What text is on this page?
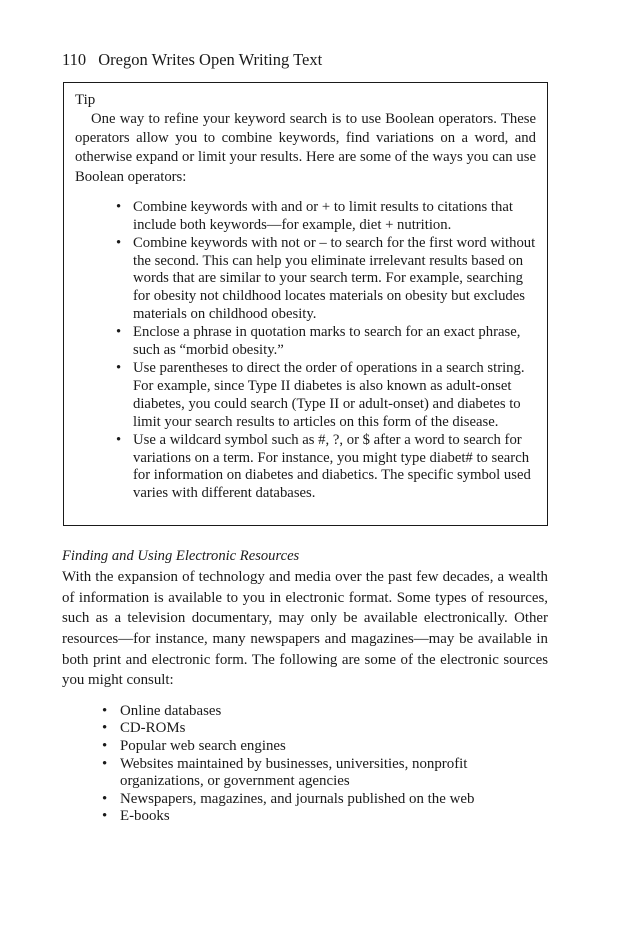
110 Oregon Writes Open Writing Text
Tip

One way to refine your keyword search is to use Boolean operators. These operators allow you to combine keywords, find variations on a word, and otherwise expand or limit your results. Here are some of the ways you can use Boolean operators:

• Combine keywords with and or + to limit results to citations that include both keywords—for example, diet + nutrition.
• Combine keywords with not or – to search for the first word without the second. This can help you eliminate irrelevant results based on words that are similar to your search term. For example, searching for obesity not childhood locates materials on obesity but excludes materials on childhood obesity.
• Enclose a phrase in quotation marks to search for an exact phrase, such as “morbid obesity.”
• Use parentheses to direct the order of operations in a search string. For example, since Type II diabetes is also known as adult-onset diabetes, you could search (Type II or adult-onset) and diabetes to limit your search results to articles on this form of the disease.
• Use a wildcard symbol such as #, ?, or $ after a word to search for variations on a term. For instance, you might type diabet# to search for information on diabetes and diabetics. The specific symbol used varies with different databases.
Finding and Using Electronic Resources

With the expansion of technology and media over the past few decades, a wealth of information is available to you in electronic format. Some types of resources, such as a television documentary, may only be available electronically. Other resources—for instance, many newspapers and magazines—may be available in both print and electronic form. The following are some of the electronic sources you might consult:

• Online databases
• CD-ROMs
• Popular web search engines
• Websites maintained by businesses, universities, nonprofit organizations, or government agencies
• Newspapers, magazines, and journals published on the web
• E-books
